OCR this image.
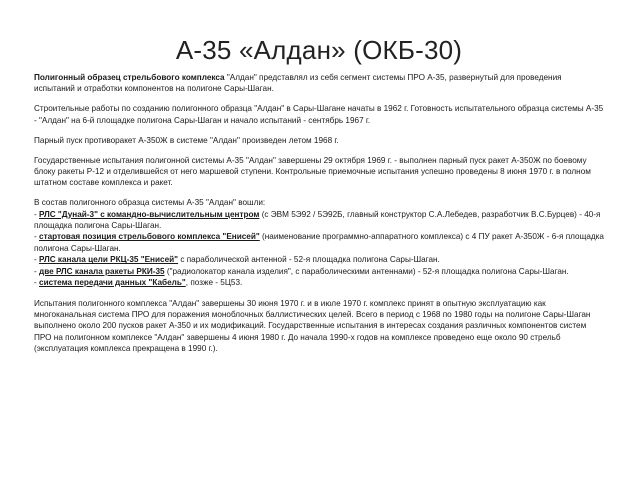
А-35 «Алдан» (ОКБ-30)

Полигонный образец стрельбового комплекса "Алдан" представлял из себя сегмент системы ПРО А-35, развернутый для проведения испытаний и отработки компонентов на полигоне Сары-Шаган.

Строительные работы по созданию полигонного образца "Алдан" в Сары-Шагане начаты в 1962 г. Готовность испытательного образца системы А-35 - "Алдан" на 6-й площадке полигона Сары-Шаган и начало испытаний - сентябрь 1967 г.

Парный пуск противоракет А-350Ж в системе "Алдан" произведен летом 1968 г.

Государственные испытания полигонной системы А-35 "Алдан" завершены 29 октября 1969 г. - выполнен парный пуск ракет А-350Ж по боевому блоку ракеты Р-12 и отделившейся от него маршевой ступени. Контрольные приемочные испытания успешно проведены 8 июня 1970 г. в полном штатном составе комплекса и ракет.

В состав полигонного образца системы А-35 "Алдан" вошли:

- РЛС "Дунай-3" с командно-вычислительным центром (с ЭВМ 5Э92 / 5Э92Б, главный конструктор С.А.Лебедев, разработчик В.С.Бурцев) - 40-я площадка полигона Сары-Шаган.
- стартовая позиция стрельбового комплекса "Енисей" (наименование программно-аппаратного комплекса) с 4 ПУ ракет А-350Ж - 6-я площадка полигона Сары-Шаган.
- РЛС канала цели РКЦ-35 "Енисей" с параболической антенной - 52-я площадка полигона Сары-Шаган.
- две РЛС канала ракеты РКИ-35 ("радиолокатор канала изделия", с параболическими антеннами) - 52-я площадка полигона Сары-Шаган.
- система передачи данных "Кабель", позже - 5Ц53.

Испытания полигонного комплекса "Алдан" завершены 30 июня 1970 г. и в июле 1970 г. комплекс принят в опытную эксплуатацию как многоканальная система ПРО для поражения моноблочных баллистических целей. Всего в период с 1968 по 1980 годы на полигоне Сары-Шаган выполнено около 200 пусков ракет А-350 и их модификаций. Государственные испытания в интересах создания различных компонентов систем ПРО на полигонном комплексе "Алдан" завершены 4 июня 1980 г. До начала 1990-х годов на комплексе проведено еще около 90 стрельб (эксплуатация комплекса прекращена в 1990 г.).
